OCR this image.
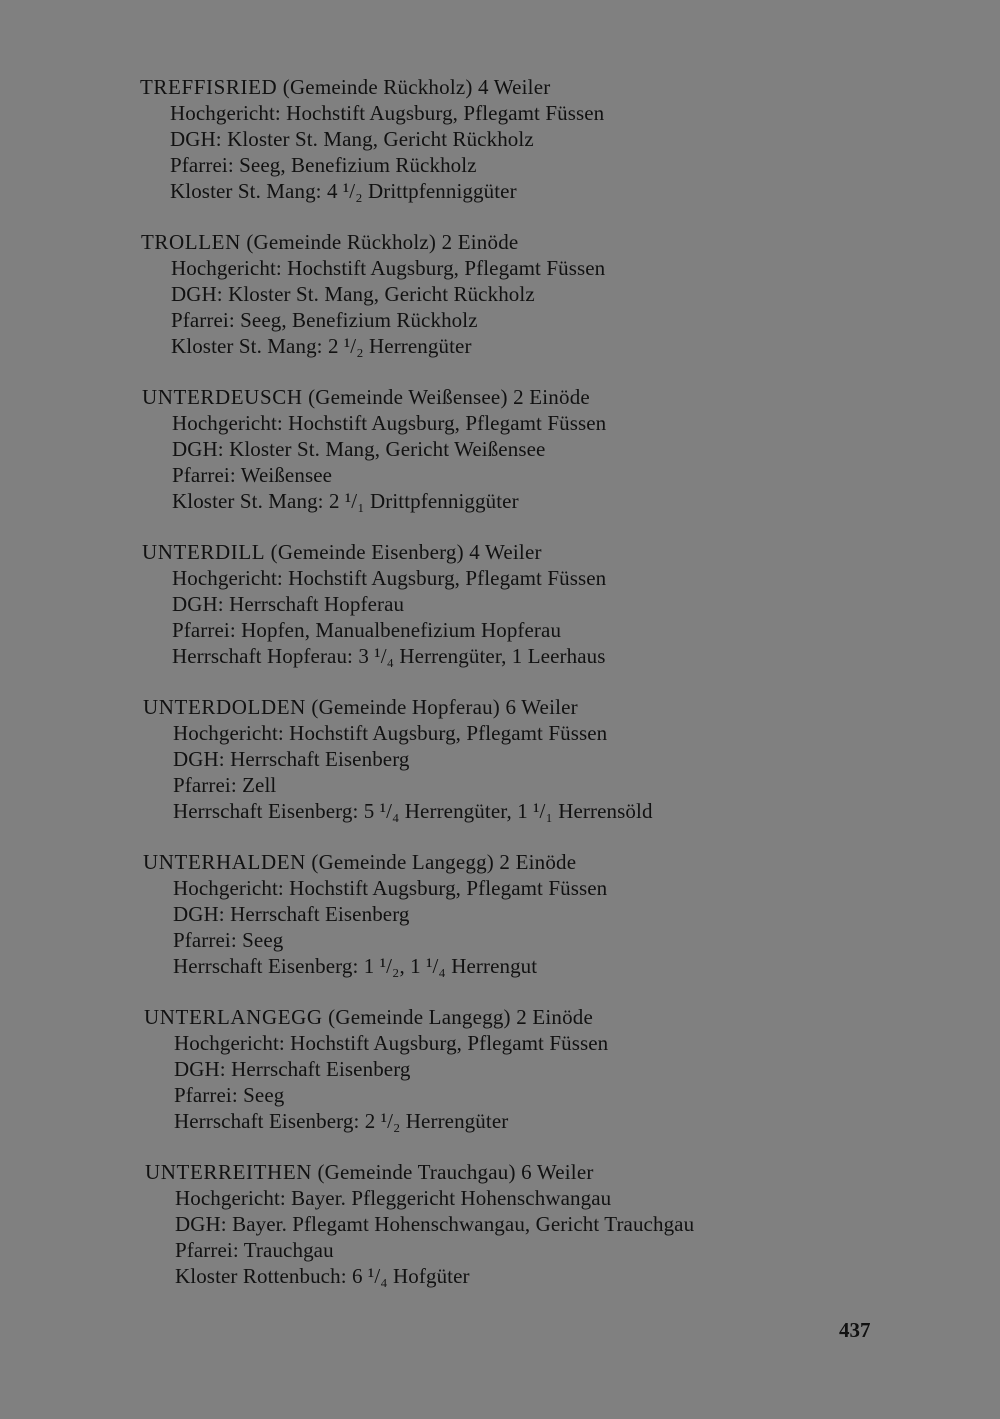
TREFFISRIED (Gemeinde Rückholz) 4 Weiler
Hochgericht: Hochstift Augsburg, Pflegamt Füssen
DGH: Kloster St. Mang, Gericht Rückholz
Pfarrei: Seeg, Benefizium Rückholz
Kloster St. Mang: 4 ¹/₂ Drittpfenniggüter
TROLLEN (Gemeinde Rückholz) 2 Einöde
Hochgericht: Hochstift Augsburg, Pflegamt Füssen
DGH: Kloster St. Mang, Gericht Rückholz
Pfarrei: Seeg, Benefizium Rückholz
Kloster St. Mang: 2 ¹/₂ Herrengüter
UNTERDEUSCH (Gemeinde Weißensee) 2 Einöde
Hochgericht: Hochstift Augsburg, Pflegamt Füssen
DGH: Kloster St. Mang, Gericht Weißensee
Pfarrei: Weißensee
Kloster St. Mang: 2 ¹/₁ Drittpfenniggüter
UNTERDILL (Gemeinde Eisenberg) 4 Weiler
Hochgericht: Hochstift Augsburg, Pflegamt Füssen
DGH: Herrschaft Hopferau
Pfarrei: Hopfen, Manualbenefizium Hopferau
Herrschaft Hopferau: 3 ¹/₄ Herrengüter, 1 Leerhaus
UNTERDOLDEN (Gemeinde Hopferau) 6 Weiler
Hochgericht: Hochstift Augsburg, Pflegamt Füssen
DGH: Herrschaft Eisenberg
Pfarrei: Zell
Herrschaft Eisenberg: 5 ¹/₄ Herrengüter, 1 ¹/₁ Herrensöld
UNTERHALDEN (Gemeinde Langegg) 2 Einöde
Hochgericht: Hochstift Augsburg, Pflegamt Füssen
DGH: Herrschaft Eisenberg
Pfarrei: Seeg
Herrschaft Eisenberg: 1 ¹/₂, 1 ¹/₄ Herrengut
UNTERLANGEGG (Gemeinde Langegg) 2 Einöde
Hochgericht: Hochstift Augsburg, Pflegamt Füssen
DGH: Herrschaft Eisenberg
Pfarrei: Seeg
Herrschaft Eisenberg: 2 ¹/₂ Herrengüter
UNTERREITHEN (Gemeinde Trauchgau) 6 Weiler
Hochgericht: Bayer. Pfleggericht Hohenschwangau
DGH: Bayer. Pflegamt Hohenschwangau, Gericht Trauchgau
Pfarrei: Trauchgau
Kloster Rottenbuch: 6 ¹/₄ Hofgüter
437
